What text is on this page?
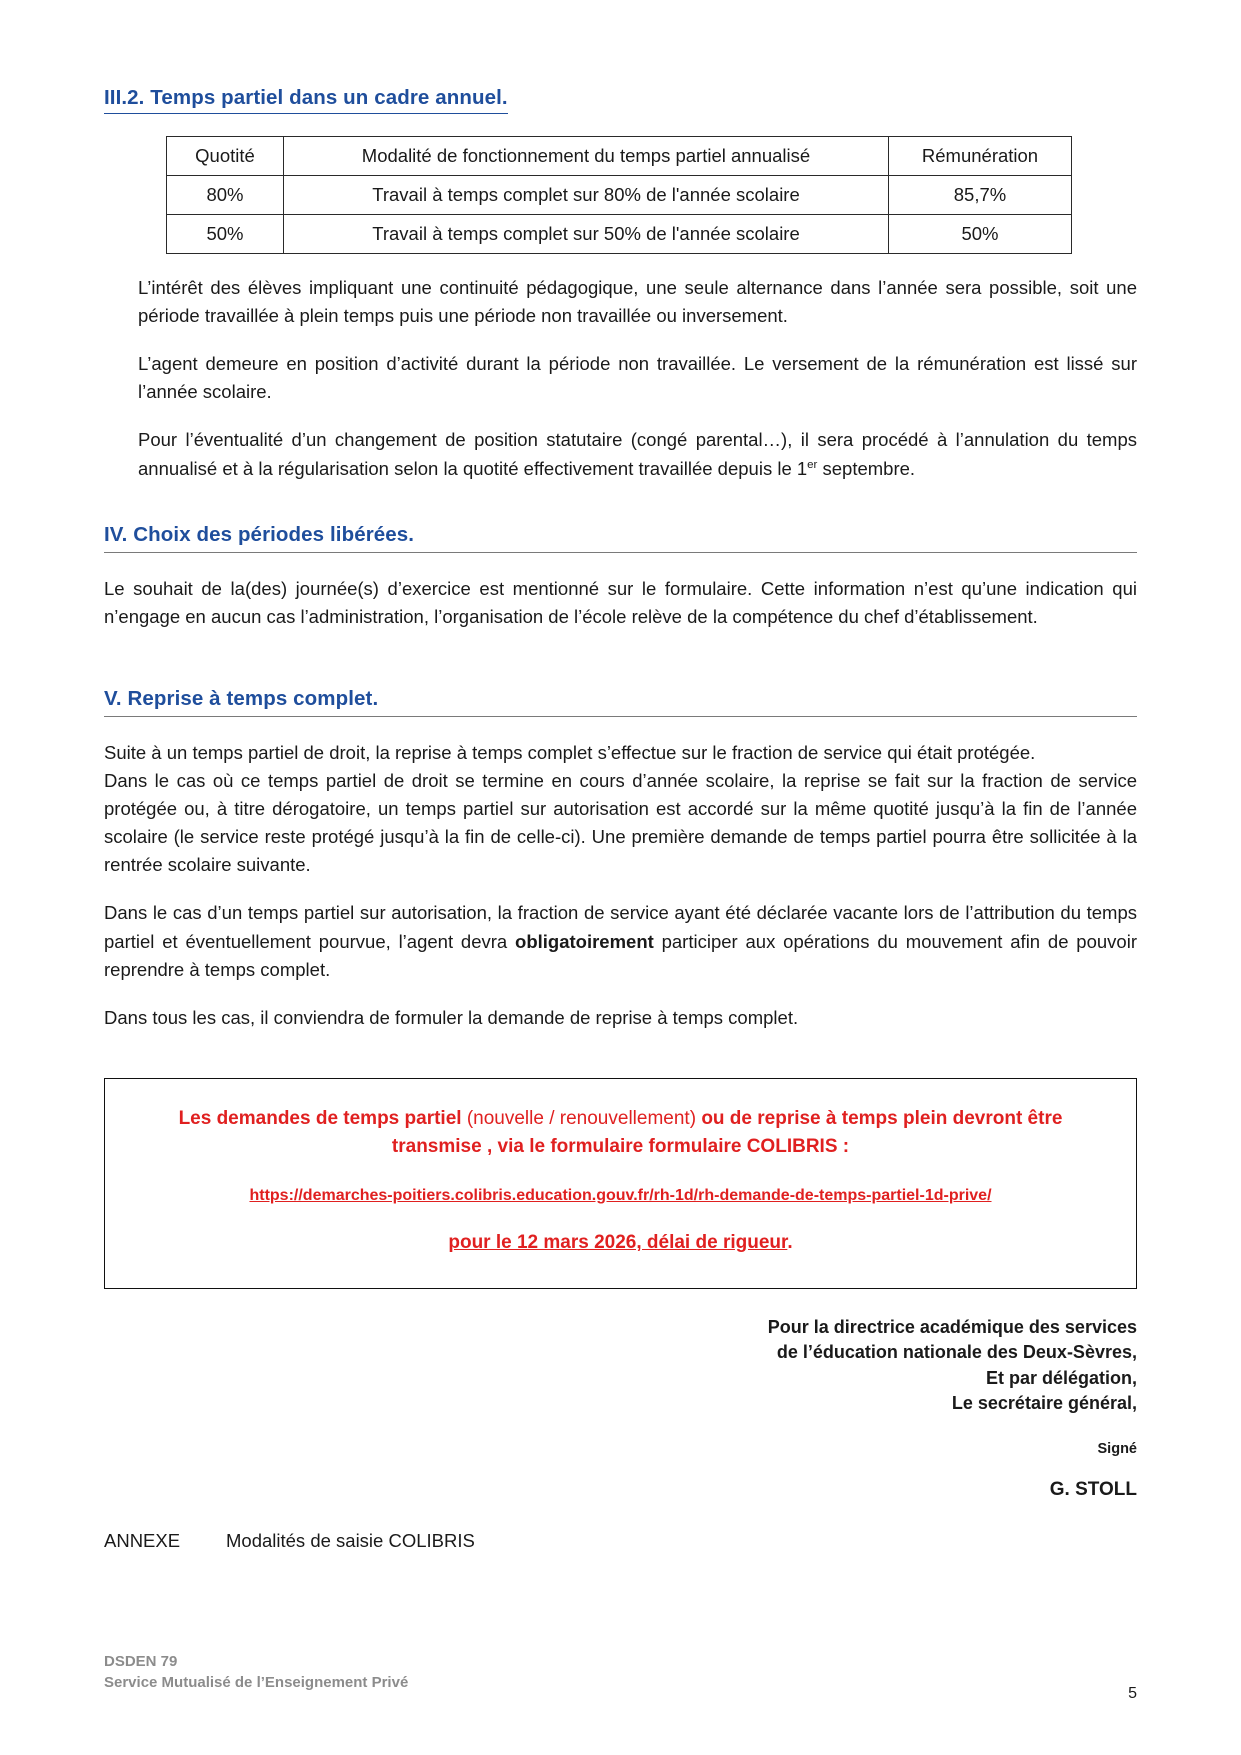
III.2. Temps partiel dans un cadre annuel.
Quotité	Modalité de fonctionnement du temps partiel annualisé	Rémunération
80%	Travail à temps complet sur 80% de l'année scolaire	85,7%
50%	Travail à temps complet sur 50% de l'année scolaire	50%

L’intérêt des élèves impliquant une continuité pédagogique, une seule alternance dans l’année sera possible, soit une période travaillée à plein temps puis une période non travaillée ou inversement.

L’agent demeure en position d’activité durant la période non travaillée. Le versement de la rémunération est lissé sur l’année scolaire.

Pour l’éventualité d’un changement de position statutaire (congé parental…), il sera procédé à l’annulation du temps annualisé et à la régularisation selon la quotité effectivement travaillée depuis le 1er septembre.

IV. Choix des périodes libérées.

Le souhait de la(des) journée(s) d’exercice est mentionné sur le formulaire. Cette information n’est qu’une indication qui n’engage en aucun cas l’administration, l’organisation de l’école relève de la compétence du chef d’établissement.

V. Reprise à temps complet.

Suite à un temps partiel de droit, la reprise à temps complet s’effectue sur le fraction de service qui était protégée.

Dans le cas où ce temps partiel de droit se termine en cours d’année scolaire, la reprise se fait sur la fraction de service protégée ou, à titre dérogatoire, un temps partiel sur autorisation est accordé sur la même quotité jusqu’à la fin de l’année scolaire (le service reste protégé jusqu’à la fin de celle-ci). Une première demande de temps partiel pourra être sollicitée à la rentrée scolaire suivante.

Dans le cas d’un temps partiel sur autorisation, la fraction de service ayant été déclarée vacante lors de l’attribution du temps partiel et éventuellement pourvue, l’agent devra obligatoirement participer aux opérations du mouvement afin de pouvoir reprendre à temps complet.

Dans tous les cas, il conviendra de formuler la demande de reprise à temps complet.

Les demandes de temps partiel (nouvelle / renouvellement) ou de reprise à temps plein devront être transmise , via le formulaire formulaire COLIBRIS :

https://demarches-poitiers.colibris.education.gouv.fr/rh-1d/rh-demande-de-temps-partiel-1d-prive/

pour le 12 mars 2026, délai de rigueur.

Pour la directrice académique des services
de l’éducation nationale des Deux-Sèvres,
Et par délégation,
Le secrétaire général,
Signé
G. STOLL
ANNEXE Modalités de saisie COLIBRIS
DSDEN 79
Service Mutualisé de l’Enseignement Privé
5
